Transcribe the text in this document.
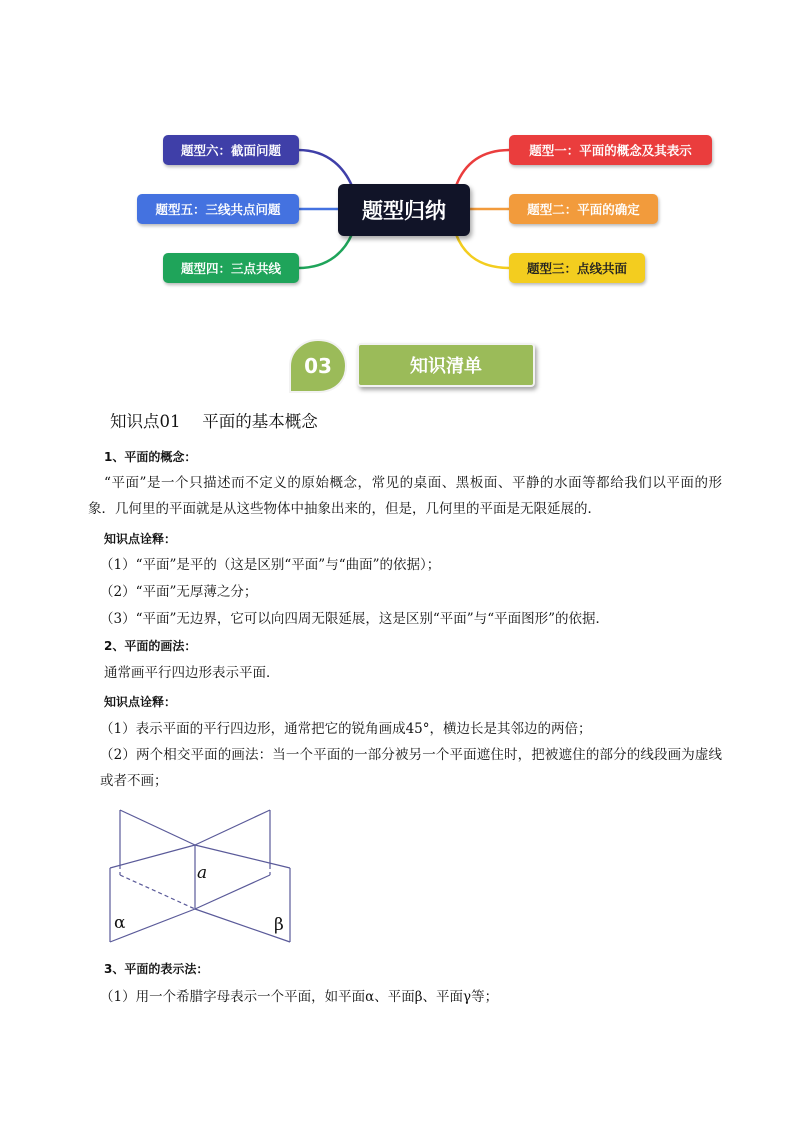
题型六：截面问题
题型五：三线共点问题
题型四：三点共线
题型一：平面的概念及其表示
题型二：平面的确定
题型三：点线共面
题型归纳
03	知识清单
知识点01　 平面的基本概念
1、平面的概念：
“平面”是一个只描述而不定义的原始概念，常见的桌面、黑板面、平静的水面等都给我们以平面的形象．几何里的平面就是从这些物体中抽象出来的，但是，几何里的平面是无限延展的．
知识点诠释：
（1）“平面”是平的（这是区别“平面”与“曲面”的依据）；
（2）“平面”无厚薄之分；
（3）“平面”无边界，它可以向四周无限延展，这是区别“平面”与“平面图形”的依据．
2、平面的画法：
通常画平行四边形表示平面．
知识点诠释：
（1）表示平面的平行四边形，通常把它的锐角画成45°，横边长是其邻边的两倍；
（2）两个相交平面的画法：当一个平面的一部分被另一个平面遮住时，把被遮住的部分的线段画为虚线或者不画；
a
α	β
3、平面的表示法：
（1）用一个希腊字母表示一个平面，如平面α、平面β、平面γ等；
